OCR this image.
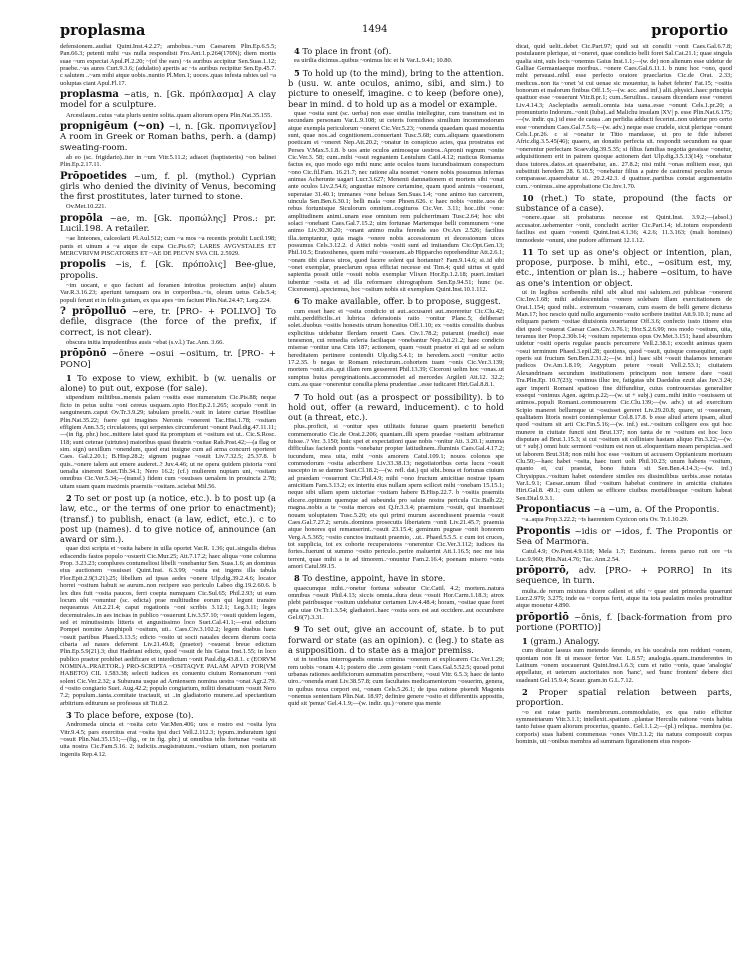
proplasma	1494	proportio

defensionem..audiat Quint.Inst.4.2.27; ambobus..~um Caesarem Plin.Ep.6.5.5; Pan.66.3; petenti mihi ~us nulla respondisti Fro.Ant.1.p.264(170N); diem mortis suae ~um expectat Apul.Pl.2.20; ~(of the ears) ~is auribus accipitur Sen.Suas.1.12; praebe..~as aures Curt.9.3.6; (adulatio) apertis ac ~is auribus recipitur Sen.Ep.45.7. c salutem ..~am mihi atque uobis..nuntio Pl.Men.1; uoces..quas infesta rabies uel ~a uoluptas ciant Apul.Fl.17.

proplasma ~atis, n. [Gk. πρόπλασμα] A clay model for a sculpture.

Arcesilaum..cuius ~ata pluris uenire solita..quam aliorum opera Plin.Nat.35.155.

propnigēum (~on) ~i, n. [Gk. προπνιγεῖον] A room in Greek or Roman baths, perh. a (damp) sweating-room.

ab eo (sc. frigidario)..iter in ~um Vitr.5.11.2; adiacet (baptisteriis) ~on balinei Plin.Ep.2.17.11.

Prōpoetides ~um, f. pl. (mythol.) Cyprian girls who denied the divinity of Venus, becoming the first prostitutes, later turned to stone.

Ov.Met.10.221.

propōla ~ae, m. [Gk. προπώλης] Pros.: pr. Lucil.198. A retailer.

~ae linteones, calceolarii Pl.Aul.512; cum ~a mos ~a recentis protulit Lucil.198; panis et uinum a ~a atque de cupa Cic.Pis.67; LARES AVGVSTALES ET MERCVRIVM PISCATORES ET ~AE DE PECVN SVA CIL 2.5929.

propolis ~is, f. [Gk. πρόπολις] Bee-glue, propolis.

~im uocant, e quo faciunt ad foramen introitus protectum an(te) aluum Var.R.3.16.23; aperiunt tamquam ora in corporibus..~is, oleum uetus Cels.5.4; populi ferunt et in foliis guttam, ex qua apes ~im faciunt Plin.Nat.24.47; Larg.224.

? prōpolluō ~ere, tr. [PRO- + POLLVO] To defile, disgrace (the force of the prefix, if correct, is not clear).

obscura initia impudentibus ausis ~ebat (s.v.l.) Tac.Ann. 3.66.

prōpōnō ~ōnere ~osui ~ositum, tr. [PRO- + PONO]
1 To expose to view, exhibit. b (w. uenalis or alone) to put out, expose (for sale).

stipendium militibus..mensis palam ~ositis esse numeratum Cic.Pis.88; neque ficto in peius uultu ~oni cereus usquam..opto Hor.Ep.2.1.265; scopulo ~onit in sanguineum..caput Ov.Tr.3.9.29; tabulam proelii..~suit in latere curiae Hostiliae Plin.Nat.35.22; fuere qui imagines Neronis ~onerent Tac.Hist.1.78; ~ositam effigiem Ann.3.5; circulatores, qui serpentes circumferunt ~onunt Paul.dig.47.11.11;—(in fig. phr.) hoc..mittere latet quod ita promptum et ~ositum est ut.. Cic.S.Rosc. 118; sunt ceterae (uirtutes) maioribus quasi theatris ~ositae Rab.Post.42;—(a flag or sim. sign) uexillum ~onendum, quod erat insigne cum ad arma concurri oporteret Caes. Gal.2.20.1; B.Hisp.28.2; signum pugnae ~osuit Liv.7.32.5; 25.37.8. b quis..~onere talem aut emere auderet..? Juv.4.46; ut ne opera quidem pistoria ~oni uenalia sinerent Suet.Tib.34.1; Nero 16.2; (cf.) mulierem nuptam uni, ~ositam omnibus Cic.Ver.5.34;—(transf.) fidem cum ~osuisses uenalem in prouincia 2.78; uitam suam quam maximis praemiis ~ositam..sciebat Mil.56.

2 To set or post up (a notice, etc.). b to post up (a law, etc., or the terms of one prior to enactment); (transf.) to publish, enact (a law, edict, etc.). c to post up (names). d to give notice of, announce (an award or sim.).

quae dixi scripta et ~osita habere in uilla oportet Var.R. 1.36; qui..singulis diebus ediscendis fastos populo ~osuerit Cic.Mur.25; Att.7.17.2; haec aliqua ~one columna Prop. 3.23.23; complures contumeliosi libelli ~onebantur Sen. Suas.1.6; an dominus eius auctionem ~osuisset Quint.Inst. 6.3.99; ~osita est ingens illa tabula Flor.Epit.2.9(3.21).25; libellum ad ipsas aedes ~onere Ulp.dig.39.2.4.6; locator horrei ~ositum habuit se aurum..non recipere suo periculo Labeo dig.19.2.60.6. b lex dies fuit ~osita paucos, ferri coepta numquam Cic.Sul.65; Phil.2.93; ut eum locum ubi ~onuntur (sc. edicta) prae multitudine eorum qui legunt transire nequeamus Att.2.21.4; caput rogationis ~oni scribis 3.12.1; Leg.3.11; leges decemuirales..in aes incisas in publico ~osuerunt Liv.3.57.10; ~osuit quidem legem, sed et minutissimis litteris et angustissimo loco Suet.Cal.41.1;—erat edictum Pompei nomine Amphipoli ~ositum, uti.. Caes.Civ.3.102.2; legem duabus hanc ~osuit partibus Phaed.3.13.5; edicto ~osito ut socii nauales decem dierum cocta cibaria ad naues deferrent Liv.21.49.8; (praetor) ~osuerat breue edictum Plin.Ep.5.9(21).3; diui Hadriani edicto, quod ~osuit de his Gaius Inst.1.55; in loco publico praetor prohibet aedificare et interdictum ~onit Paul.dig.43.8.1. c (EORVM NOMINA..PRAETOR..) PRO-SCRIPTA ~OSITAQVE PALAM APVD FOR(VM HABETO) CIL 1.583.38; selecti iudices ex conuentu ciuium Romanorum ~oni solent Cic.Ver.2.32; a Suburana usque ad Arniensem nomina uestra ~onat Agr.2.79. d ~osito congiario Suet. Aug.42.2; populo congiarium, militi donatiuum ~osuit Nero 7.2; populum..tanta..comitate tractauit, ut ..in gladiatorio munere..ad spectantium arbitrium editurum se professus sit Tit.8.2.

3 To place before, expose (to).

Andromeda uincta et ~osita ceto Var.Men.406; uos e rostro est ~osita lyra Vitr.9.4.5; pars exercitus erat ~osita ipsi duci Vell.2.112.3; typum..induratum igni ~osuit Plin.Nat.35.151;—(fig., or in fig. phr.) ut omnibus telis fortunae ~osita sit uita nostra Cic.Fam.5.16. 2; iudiciis..magistratuum..~ositam uitam, non poetarum ingeniis Rep.4.12.

4 To place in front (of).

ea uirilia dicimus..quibus ~onimus hic et hi Var.L.9.41; 10.80.

5 To hold up (to the mind), bring to the attention. b (usu. w. ante oculos, animo, sibi, and sim.) to picture to oneself, imagine. c to keep (before one), bear in mind. d to hold up as a model or example.

quae ~osita sunt (sc. uerba) non esse similia intellegitur, cum transitum est in secundam personam Var.L.9.108; ut ceteris formidines similium incommodorum atque exempla periculorum ~oneret Cic.Ver.5.23; ~onenda quaedam quasi mouentia sunt, quae nos..ad cognitionem..conuertant Tusc.5.68; cum..aliquam quaestionem poeticam ei ~oneret Nep.Att.20.2; ~onatur in conspicuo acies, qua prostratus est Perses V.Max.5.1.8. b uos ante oculos animosque uestros..Apronii regnum ~onite Cic.Ver.3. 58; cum..mihi ~osui regnantem Lentulum Catil.4.12; rusticus Romanus factus es, quo modo ego mihi nunc ante oculos tuum iucundissimum conspectum ~ono Cic.fil.Fam. 16.21.7; nec ratione alia nosmet ~onere nobis possumus infernas animas Acherunte uagari Lucr.3.627; Menenii damnationem et mortem sibi ~onat ante oculos Liv.2.54.6; angustiae minore certamine, quam quod animis ~osuerant, superatae 31.40.1; immanes ~one beluas Sen.Suas.1.4; ~one animo tuo carcerem, uincula Sen.Ben.6.30.1; belli mala ~one Phoen.626. c haec nobis ~onite..uos de rebus fortunisque Siculorum omnium..cogituros Cic.Ver. 3.11; hoc..tibi ~one: amplitudinem animi..unam esse omnium rem pulcherrimam Tusc.2.64; hoc sibi solaci ~onebant Caes.Gal.7.15.2; uim fortunae Martemque belli communem ~one animo Liv.30.30.20; ~onant animo multa ferenda suo Ov.Ars 2.526; facilius illa..temptantur, quia magis ~onere nobis accessionum et decessionum uices possumus Cels.3.12.2. d Attici nobis ~ositi sunt ad imitandum Cic.Opt.Gen.13; Phil.10.5; Eratosthenes, quem mihi ~osueram..ab Hipparcho reprehenditur Att.2.6.1; ~onam tibi claros uiros, quod facere solent qui hortantur? Fam.9.14.6; si..id sibi ~onet exemplar, praeclarum opus efficiat necesse est Tim.4; quid uirtus et quid sapientia possit utile ~osuit nobis exemplar Vlixen Hor.Ep.1.2.18; pueri..imitari iubentur ~osita et ad illa reformare chirographum Sen.Ep.94.51; hunc (sc. Ciceronem)..spectemus, hoc ~ositum nobis sit exemplum Quint.Inst.10.1.112.

6 To make available, offer. b to propose, suggest.

cum esset haec ei ~osita condicio ut aut..accusaret aut..moreretur Cic.Clu.42; mihi..perdifficilis..et lubrica defensionis ratio ~onitur Planc.5; deliberari solet..duobus ~ositis honestis utrum honestius Off.1.10; ex ~ositis consiliis duobus explicitius uidebatur Ilerdam reuerti Caes. Civ.1.78.2; putarunt (medici) esse tenesmon, cui remedia celeria faciliaque ~onebantur Nep.Att.21.2; haec condicio miserae ~onitur una Ciris 187; actionem, quam ~osuit praetor ei qui ad se solum hereditatem pertinere contendit Ulp.dig.5.4.1; in heredem..socii ~onitur actio 17.2.35. b negas te Romam reiecturum..cohortem tuam ~onis Cic.Ver.3.139; mortem ~onit..eis..qui illam rem gesserent Phil.13.39; Ciceroni uelim hoc ~onas..ut sumptus huius peregrinationis..accommodet ad mercedes Argileti Att.12. 32.2; cum..ea quae ~onerentur consilia plena prudentiae ..esse iudicaret Hirt.Gal.8.8.1.

7 To hold out (as a prospect or possibility). b to hold out, offer (a reward, inducement). c to hold out (a threat, etc.).

plus..proficit, si ~onitur spes utilitatis futurae quam praeteriti beneficii commemoratio Cic.de Orat.2.206; quantam..illi spem praedae ~ositam arbitramur fuisse..? Ver. 3.150; huic spei et expectationi quae nobis ~onitur Att. 3.20.1; summa difficultas faciendi pontis ~onebatur propter latitudinem..fluminis Caes.Gal.4.17.2; iucundum, mea uita, mihi ~onis amorem Catul.109.1; nouos colonos spe commodorum ~osita adscribere Liv.33.38.13; negotiatoribus certa lucra ~osuit suscepto in se damno Suet.Cl.18.2;—(w. refl. dat.) qui sibi..bona et fortunas ciuium ad praedam ~osuerunt Cic.Phil.4.9; mihi ~ono fructum amicitiae nostrae ipsam amicitiam Fam.3.13.2; ex interitu eius nullam spem scilicet mihi ~onebam 15.15.1; neque sibi ullam spem uictoriae ~ositam habere B.Hisp.22.7. b ~ositis praemiis elicere..optimum quemque ad subeunda pro salute nostra pericula Cic.Balb.22; magna..nobis a te ~osita merces est Q.fr.3.3.4; praemium ~osuit, qui inuenisset nouam uoluptatem Tusc.5.20; eis qui primi murum ascendissent praemia ~osuit Caes.Gal.7.27.2; seruis..dominos prosecutis libertatem ~onit Liv.21.45.7; praemia atque honores qui remanserint..~osuit 23.15.4; geminum pugnae ~onit honorem Verg.A.5.365; ~osito cunctos inuitauit praemio, ..ut.. Phaed.5.5.5. c cum tot cruces, tot supplicia, tot ex cohorte recuperatores ~onerentur Cic.Ver.3.112; iudices ita fortes..fuerunt ut summo ~osito periculo..perire maluerint Att.1.16.5; nec me ista terrent, quae mihi a te ad timorem..~onuntur Fam.2.16.4; poenam misero ~onis amori Catul.99.15.

8 To destine, appoint, have in store.

quaecumque mihi..~onetur fortuna subeatur Cic.Catil. 4.2; mortem..natura omnibus ~osuit Phil.4.13; siccis omnia..dura deus ~osuit Hor.Carm.1.18.3; atrox plebi patribusque ~ositum uidebatur certamen Liv.4.48.4; horam, ~ositae quae foret apta uiae Ov.Tr.1.3.54; gladiatori..haec ~osita sors est aut occidere..aut occumbere Gel.6(7).3.31.

9 To set out, give an account of, state. b to put forward or state (as an opinion). c (leg.) to state as a supposition. d to state as a major premiss.

ut in testibus interrogandis omnia crimina ~onerem et explicarem Cic.Ver.1.29; rem uobis ~onam 4.1; postero die ..rem gestam ~onit Caes.Gal.5.52.5; quoad potui urbanas rationes aedificiorum summatim perscribere, ~osui Vitr. 6.5.3; haec de tanto uiro..~onenda erant Liv.38.57.8; cum facultates medicamentorum ~osuerim, genera, in quibus noxa corpori est, ~onam Cels.5.26.1; de ipsa ratione pisendi Magonis ~onemus sententiam Plin.Nat. 18.97; definire genere ~osito et differentiis appositis, quid sit 'penus' Gel.4.1.9;—(w. indir. qu.) ~onere qua mente

dicat, quid uelit..debet Cic.Part.97; quid sui sit consilii ~onit Caes.Gal.6.7.8; postulauere plerique, ut ~oneret, quae condicio belli foret Sal.Cat.21.1; quae singula qualia sint, suis locis ~onemus Gaius Inst.1.1;—(w. de) non alienum esse uidetur de Galliae Germaniaeque moribus.. ~onere Caes.Gal.6.11.1. b nunc hoc ~ono, quod mihi persuasi..nihil esse perfecto oratore praeclarius Cic.de Orat. 2.33; medicus..non ita ~onet 'si cui uenae sic mouentur, is habet febrim' Fat.15; ~ositis bonorum et malorum finibus Off.1.5;—(w. acc. and inf.) alii..physici..haec principia quattuor esse ~osuerunt Vitr.8.pr.1; cum..Seruilius.. causam dicendam esse ~oneret Liv.4.14.3; Asclepiadis aemuli..omnia ista uana..esse ~onunt Cels.1.pr.20; a promunturio Indorum..~onit (Iuba)..ad Malichu insulam |XV| p. esse Plin.Nat.6.175;—(w. indir. qu.) id esse de causa ..an perfidia adducti fecerint..non uidetur pro certo esse ~onendum Caes.Gal.7.5.6;—(w. adv.) neque esse crudele, sicut plerique ~onunt Cels.1.pr.26. c si ~onatur te Titio mandasse, ut pro te fide iuberet Afric.dig.3.5.45(46); quaero, an donatio perfecta sit. respondit secundum ea quae ~onerentur perfectam Scaev.dig.39.5.35; si filius familias negotia gessisse ~onetur, adquisitionem erit in patrem quoque actionem dari Ulp.dig.3.5.13(14); ~onebatur duos tutores..datos..et quaerebatur, an.. 27.8.2; nisi mihi ~onas militem esse, qui substituit heredem 28. 6.10.5; ~onebatur filius a patre de castrensi peculio seruos comparasse..quaerebatur si.. 29.2.42.3. d quattuor..partibus constat argumentatio cum..~onimus..sine approbatione Cic.Inv.1.70.

10 (rhet.) To state, propound (the facts or substance of a case).

~onere..quae sit probaturus necesse est Quint.Inst. 3.9.2;—(absol.) accusator..uehementer ~onit, concludit acriter Cic.Part.14; id..totum respondenti facilius est quam ~onenti Quint.Inst.4.1.36; 4.2.6; 11.3.163; (mali homines) immodeste ~onunt, sine pudore affirmant 12.1.12.

11 To set up as one's object or intention, plan, propose, purpose. b mihi, etc., ~ositum est, my, etc., intention or plan is..; habere ~ositum, to have as one's intention or object.

ut in legibus scribendis nihil sibi aliud nisi salutem..rei publicae ~onerent Cic.Inv.1.68; mihi adulescentulus ~onere solebam illam exercitationem de Orat.1.154; quod mihi.. extremum ~osueram, cum essem de belli genere dicturus Man.17; hoc nescio quid nullo argumento ~osito scribere institui Att.9.10.1; nunc ad reliquam partem ~ositae diuisionis reuertamur Off.3.6; confecto iusto itinere eius diei quod ~osuerat Caesar Caes.Civ.3.76.1; Hor.S.2.6.99; nos modo ~ositum, uita, teramus iter Prop.2.30b.14; ~ositum repetemus opus Ov.Met.3.151; haud absurdum uidetur ~ositi operis regulae paucis percurrere Vell.2.38.1; excedit animus quem ~osui terminum Phaed.3.epil.28; quotiens, quod ~osuit, quisque consequitur, capit operis sui fructum Sen.Ben.2.31.2;—(w. inf.) haec sibi ~osuit thalamos temerare pudicos Ov.Am.1.8.19; Aegyptum petere ~osuit Vell.2.53.1; ciuitatem Alexandrinam secundum institutionem principum non temere dare ~osui Tra.Plin.Ep. 10.7(23); ~onimus illuc ire, fatigatas ubi Daedalus ezuit alas Juv.3.24; ager imperii Romani spatioso fine diffunditur, cuius controuersias generaliter exsequi ~onimus Agen. agrim.p.22;—(w. ut + subj.) cum..mihi initio ~osuissem ut animos..populi Romani..commouerem Cic.Clu.139;—(w. adv.) ut ad exercitum Scipio maneret bellumque ut ~osuisset gereret Liv.29.20.8; quare, ut ~osueram, qualitatem litoris nostri contemplemur Col.8.17.8. b esse aliud artem ipsam, aliud quod ~ositum sit arti Cic.Fin.5.16;—(w. inf.) est..~ositum colligere eos qui hoc munere in ciuitate functi sint Brut.137; non tanta de re ~ositum est hoc loco disputare ad Brut.1.15.3; si cui ~ositum sit colliniare hastam aliquo Fin.3.22;—(w. ut + subj.) omni huic sermoni ~ositum est non ut..eloquentiam meam perspicias..sed ut laborem Brut.318; non mihi hoc esse ~ositum ut accusem Oppianicum mortuum Clu.50;—haec habet ~osita, haec tueri uolt Phil.10.23; unum habens ~ositum, quanto ei, cui praestat, bono futura sit Sen.Ben.4.14.3;—(w. inf.) Chrysippus..~ositum habet ostendere similes res dissimilibus uerbis..esse notatas Var.L.9.1; Caesar..unum illud ~ositum habebat continere in amicitia ciuitates Hirt.Gal.8. 49.1; cum utilem se efficere ciuibus mortalibusque ~ositum habeat Sen.Dial.9.3.1.

Propontiacus ~a ~um, a. Of the Propontis.

~a..aqua Prop.3.22.2; ~is haerentem Cyzicon oris Ov. Tr.1.10.29.

Propontis ~idis or ~idos, f. The Propontis or Sea of Marmora.

Catul.4.9; Ov.Pont.4.9.118; Mela 1.7; Euxinum.. ferens paruo ruit ore ~is Luc.9.960; Plin.Nat.4.76; Tac. Ann.2.54.

prōporrō, adv. [PRO- + PORRO] In its sequence, in turn.

multa..de rerum mixtura dicere callent et sibi ~ quae sint primordia quaerunt Lucr.2.979; 3.275; inde ea ~ corpus ferit, atque ita tota paulatim moles protruditur atque mouetur 4.890.

prōportiō ~ōnis, f. [back-formation from pro portione (PORTIO)]
1 (gram.) Analogy.

cum dicatur lassus sum metendo ferendo, ex his uocabula non reddunt ~onem, quoniam non fit ut messor fertor Var. L.8.57; analogia..quam..transferentes in Latinum ~onem uocauerunt Quint.Inst.1.6.3; cum et ratio ~onis, quae 'analogia' appellatur, et ueterum auctoritates non 'hanc', sed 'hunc frontem' debere dici suadeant Gel.15.9.4; Scaur. gram.in G.L.7.12.

2 Proper spatial relation between parts, proportion.

~o est ratae partis membrorum..commodulatio, ex qua ratio efficitur symmetriarum Vitr.3.1.1; intellexit..spatium ..plantae Herculis ratione ~onis habita tanto fuisse quam aliorum procerius, quanto.. Gel.1.1.2;—(pl.) reliqua.. membra (sc. corporis) suas habent commensus ~ones Vitr.3.1.2; ita natura composuit corpus hominis, uti ~onibus membra ad summam figurationem eius respon-
